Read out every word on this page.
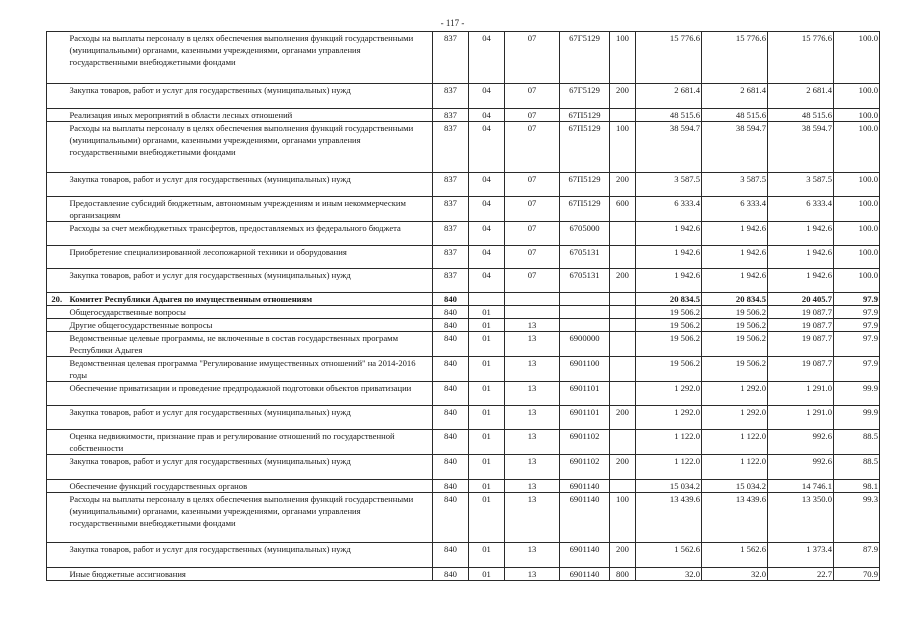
- 117 -
	Расходы на выплаты персоналу в целях обеспечения выполнения функций государственными (муниципальными) органами, казенными учреждениями, органами управления государственными внебюджетными фондами	837	04	07	67Г5129	100	15 776.6	15 776.6	15 776.6	100.0
	Закупка товаров, работ и услуг для государственных (муниципальных) нужд	837	04	07	67Г5129	200	2 681.4	2 681.4	2 681.4	100.0
	Реализация иных мероприятий в области лесных отношений	837	04	07	67П5129		48 515.6	48 515.6	48 515.6	100.0
	Расходы на выплаты персоналу в целях обеспечения выполнения функций государственными (муниципальными) органами, казенными учреждениями, органами управления государственными внебюджетными фондами	837	04	07	67П5129	100	38 594.7	38 594.7	38 594.7	100.0
	Закупка товаров, работ и услуг для государственных (муниципальных) нужд	837	04	07	67П5129	200	3 587.5	3 587.5	3 587.5	100.0
	Предоставление субсидий бюджетным, автономным учреждениям и иным некоммерческим организациям	837	04	07	67П5129	600	6 333.4	6 333.4	6 333.4	100.0
	Расходы за счет межбюджетных трансфертов, предоставляемых из федерального бюджета	837	04	07	6705000		1 942.6	1 942.6	1 942.6	100.0
	Приобретение специализированной лесопожарной техники и оборудования	837	04	07	6705131		1 942.6	1 942.6	1 942.6	100.0
	Закупка товаров, работ и услуг для государственных (муниципальных) нужд	837	04	07	6705131	200	1 942.6	1 942.6	1 942.6	100.0
20.	Комитет Республики Адыгея по имущественным отношениям	840					20 834.5	20 834.5	20 405.7	97.9
	Общегосударственные вопросы	840	01				19 506.2	19 506.2	19 087.7	97.9
	Другие общегосударственные вопросы	840	01	13			19 506.2	19 506.2	19 087.7	97.9
	Ведомственные целевые программы, не включенные в состав государственных программ Республики Адыгея	840	01	13	6900000		19 506.2	19 506.2	19 087.7	97.9
	Ведомственная целевая программа "Регулирование имущественных отношений" на 2014-2016 годы	840	01	13	6901100		19 506.2	19 506.2	19 087.7	97.9
	Обеспечение приватизации и проведение предпродажной подготовки объектов приватизации	840	01	13	6901101		1 292.0	1 292.0	1 291.0	99.9
	Закупка товаров, работ и услуг для государственных (муниципальных) нужд	840	01	13	6901101	200	1 292.0	1 292.0	1 291.0	99.9
	Оценка недвижимости, признание прав и регулирование отношений по государственной собственности	840	01	13	6901102		1 122.0	1 122.0	992.6	88.5
	Закупка товаров, работ и услуг для государственных (муниципальных) нужд	840	01	13	6901102	200	1 122.0	1 122.0	992.6	88.5
	Обеспечение функций государственных органов	840	01	13	6901140		15 034.2	15 034.2	14 746.1	98.1
	Расходы на выплаты персоналу в целях обеспечения выполнения функций государственными (муниципальными) органами, казенными учреждениями, органами управления государственными внебюджетными фондами	840	01	13	6901140	100	13 439.6	13 439.6	13 350.0	99.3
	Закупка товаров, работ и услуг для государственных (муниципальных) нужд	840	01	13	6901140	200	1 562.6	1 562.6	1 373.4	87.9
	Иные бюджетные ассигнования	840	01	13	6901140	800	32.0	32.0	22.7	70.9
